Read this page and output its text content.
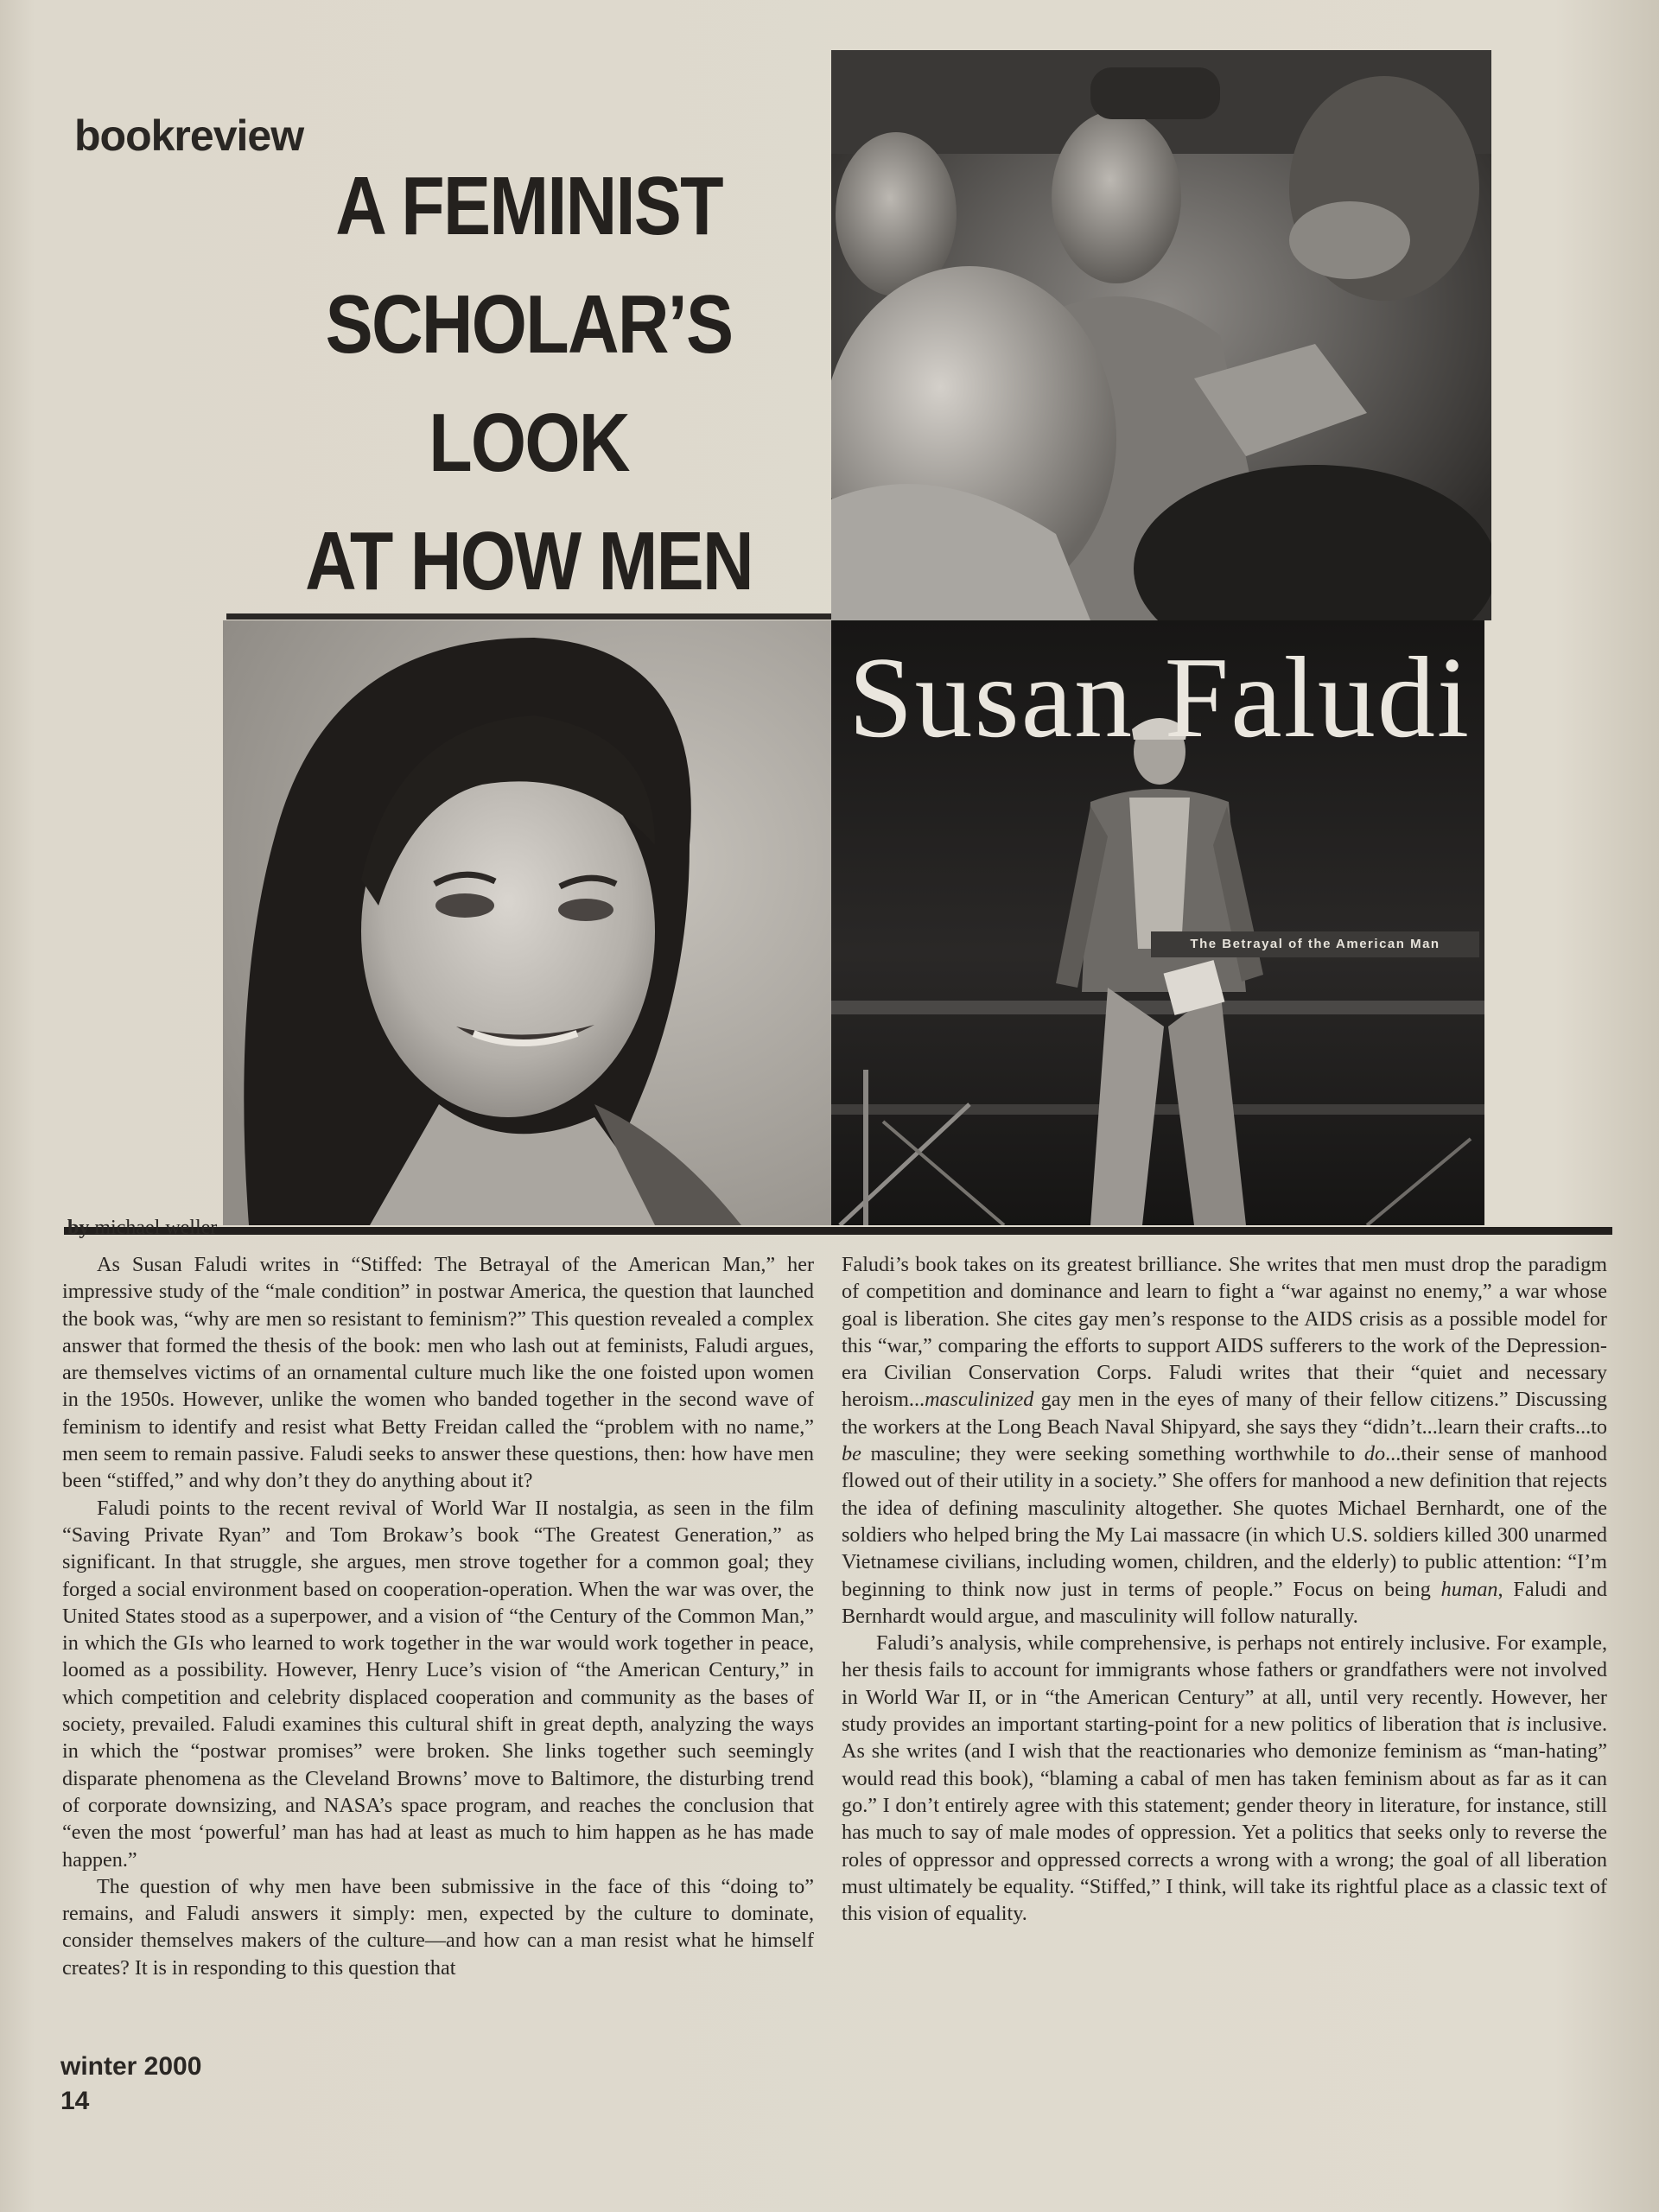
bookreview
A FEMINIST
SCHOLAR’S LOOK
AT HOW MEN
Susan Faludi
The Betrayal of the American Man
by michael weller

As Susan Faludi writes in “Stiffed: The Betrayal of the American Man,” her impressive study of the “male condition” in postwar America, the question that launched the book was, “why are men so resistant to feminism?” This question revealed a complex answer that formed the thesis of the book: men who lash out at feminists, Faludi argues, are themselves victims of an ornamental culture much like the one foisted upon women in the 1950s. However, unlike the women who banded together in the second wave of feminism to identify and resist what Betty Freidan called the “problem with no name,” men seem to remain passive. Faludi seeks to answer these questions, then: how have men been “stiffed,” and why don’t they do anything about it?

Faludi points to the recent revival of World War II nostalgia, as seen in the film “Saving Private Ryan” and Tom Brokaw’s book “The Greatest Generation,” as significant. In that struggle, she argues, men strove together for a common goal; they forged a social environment based on cooperation-operation. When the war was over, the United States stood as a superpower, and a vision of “the Century of the Common Man,” in which the GIs who learned to work together in the war would work together in peace, loomed as a possibility. However, Henry Luce’s vision of “the American Century,” in which competition and celebrity displaced cooperation and community as the bases of society, prevailed. Faludi examines this cultural shift in great depth, analyzing the ways in which the “postwar promises” were broken. She links together such seemingly disparate phenomena as the Cleveland Browns’ move to Baltimore, the disturbing trend of corporate downsizing, and NASA’s space program, and reaches the conclusion that “even the most ‘powerful’ man has had at least as much to him happen as he has made happen.”

The question of why men have been submissive in the face of this “doing to” remains, and Faludi answers it simply: men, expected by the culture to dominate, consider themselves makers of the culture—and how can a man resist what he himself creates? It is in responding to this question that

Faludi’s book takes on its greatest brilliance. She writes that men must drop the paradigm of competition and dominance and learn to fight a “war against no enemy,” a war whose goal is liberation. She cites gay men’s response to the AIDS crisis as a possible model for this “war,” comparing the efforts to support AIDS sufferers to the work of the Depression-era Civilian Conservation Corps. Faludi writes that their “quiet and necessary heroism...masculinized gay men in the eyes of many of their fellow citizens.” Discussing the workers at the Long Beach Naval Shipyard, she says they “didn’t...learn their crafts...to be masculine; they were seeking something worthwhile to do...their sense of manhood flowed out of their utility in a society.” She offers for manhood a new definition that rejects the idea of defining masculinity altogether. She quotes Michael Bernhardt, one of the soldiers who helped bring the My Lai massacre (in which U.S. soldiers killed 300 unarmed Vietnamese civilians, including women, children, and the elderly) to public attention: “I’m beginning to think now just in terms of people.” Focus on being human, Faludi and Bernhardt would argue, and masculinity will follow naturally.

Faludi’s analysis, while comprehensive, is perhaps not entirely inclusive. For example, her thesis fails to account for immigrants whose fathers or grandfathers were not involved in World War II, or in “the American Century” at all, until very recently. However, her study provides an important starting-point for a new politics of liberation that is inclusive. As she writes (and I wish that the reactionaries who demonize feminism as “man-hating” would read this book), “blaming a cabal of men has taken feminism about as far as it can go.” I don’t entirely agree with this statement; gender theory in literature, for instance, still has much to say of male modes of oppression. Yet a politics that seeks only to reverse the roles of oppressor and oppressed corrects a wrong with a wrong; the goal of all liberation must ultimately be equality. “Stiffed,” I think, will take its rightful place as a classic text of this vision of equality.

winter 2000
14
